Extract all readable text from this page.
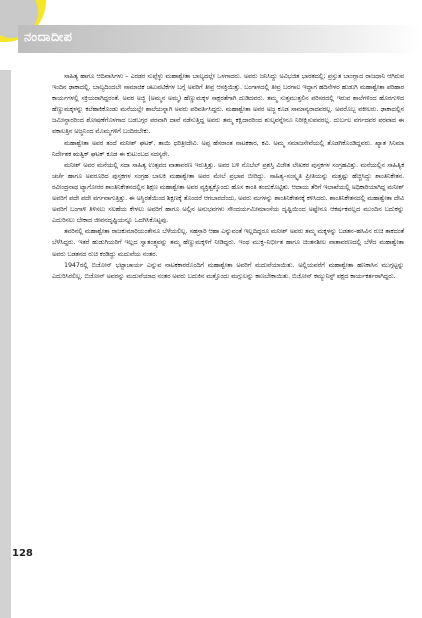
ನಂದಾದೀಪ

ಸಾಹಿತ್ಯ ಹಾಗೂ ಆದಿವಾಸಿಗಳು – ಎರಡರ ಸುಪ್ಪೆಳ್ಳು ಮಹಾಶ್ವೇತಾ ಬಾಲ್ಯದಲ್ಲೇ ಒಳಗಾದರು. ಅವರು ಜನಿಸಿದ್ದು ಅವಿಭಜಿತ ಭಾರತದಲ್ಲಿ; ಪ್ರಸ್ತುತ ಬಾಂಗ್ಲಾದ ರಾಜಧಾನಿ ಆಗಿರುವ ಇಂದಿನ ಢಾಕಾದಲ್ಲಿ. ಬಾಲ್ಯದಿಂದಲೇ ಸಾಮಾಜಿಕ ಚಟುವಟಿಕೆಗಳ ಬಗ್ಗೆ ಅವರಿಗೆ ತೀವ್ರ ಆಸಕ್ತಿಯಿತ್ತು. ಬಂಗಾಳದಲ್ಲಿ ತೀವ್ರ ಬರಗಾಲ ಇದ್ದಾಗ ಹದಿನೇಳರ ಹುಡುಗಿ ಮಹಾಶ್ವೇತಾ ಪರಿಹಾರ ಕಾರ್ಯಗಳಲ್ಲಿ ಸಕ್ರಿಯರಾಗಿದ್ದರಂತೆ. ಅವರ ಅಜ್ಜಿ (ಅಮ್ಮನ ಅಮ್ಮ) ಹೆಣ್ಣುಮಕ್ಕಳ ಸಾಕ್ಷರತೆಗಾಗಿ ದುಡಿದವರು. ತಮ್ಮ ಸುತ್ತಮುತ್ತಲಿನ ಪರಿಸರದಲ್ಲಿ ಇರುವ ಶಾಲೆಗಳಿಂದ ಹೊರಗುಳಿದ ಹೆಣ್ಣುಮಕ್ಕಳನ್ನು ಕಲೆಹಾಕಿಕೊಂಡು ಮನೆಯಲ್ಲೇ ಶಾಲೆಯನ್ನಾಗಿ ಅವರು ಪರಿವರ್ತಿಸಿದ್ದರು. ಮಹಾಶ್ವೇತಾ ಅವರ ಅಜ್ಜ ಕೂಡ ಸಾಮಾನ್ಯರಾದವರಲ್ಲ. ಅವರೊಬ್ಬ ವಕೀಲರು. ಢಾಕಾದಲ್ಲಿನ ಜಮೀನ್ದಾರರಿಂದ ಶೋಷಣೆಗೊಳಗಾದ ಬಡಬಗ್ಗರ ಪರವಾಗಿ ದಾವೆ ನಡೆಸುತ್ತಿದ್ದ ಅವರು ತಮ್ಮ ಕಕ್ಷಿದಾರರಿಂದ ಶುಲ್ಕವನ್ನೇನೂ ನಿರೀಕ್ಷಿಸುವವರಲ್ಲ. ದುರ್ಬಲ ವರ್ಗದವರ ಪರವಾದ ಈ ವಕಾಲತ್ತಿನ ಅಜ್ಜನಿಂದ ಮೊಮ್ಮಗಳಿಗೆ ಬಂದಿರಬೇಕು.

ಮಹಾಶ್ವೇತಾ ಅವರ ತಂದೆ ಮನೀಶ್ ಘಟಕ್. ತಾಯಿ ಧರಿತ್ರೀದೇವಿ. ಅಪ್ಪ ಹೆಸರಾಂತ ನಾಟಕಕಾರ, ಕವಿ. ಅಮ್ಮ ಸಮಾಜಸೇವೆಯಲ್ಲಿ ತೊಡಗಿಕೊಂಡಿದ್ದವರು. ಖ್ಯಾತ ಸಿನಿಮಾ ನಿರ್ದೇಶಕ ಋತ್ವಿಕ್ ಘಟಕ್ ಕೂಡ ಈ ಕುಟುಂಬದ ಸದಸ್ಯರೇ.

ಮನೀಶ್ ಅವರ ಮನೆಯಲ್ಲಿ ಸದಾ ಸಾಹಿತ್ಯ ಉತ್ಸವದ ವಾತಾವರಣ ಇರುತ್ತಿತ್ತು. ಅವರ ಬಳಿ ನೊಬೆಲ್ ಪ್ರಶಸ್ತಿ ವಿಜೇತ ಲೇಖಕರ ಪುಸ್ತಕಗಳ ಸಂಗ್ರಹವಿತ್ತು. ಮನೆಯಲ್ಲಿನ ಸಾಹಿತ್ಯಿಕ ಚರ್ಚೆ ಹಾಗೂ ಅವರೂರಿದ ಪುಸ್ತಕಗಳ ಸಂಗ್ರಹ ಬಾಲಕಿ ಮಹಾಶ್ವೇತಾ ಅವರ ಮೇಲೆ ಪ್ರಭಾವ ಬೀರಿದ್ದು. ಸಾಹಿತ್ಯ–ಸಂಸ್ಕೃತಿ ಪ್ರೀತಿಯನ್ನು ಮತ್ತಷ್ಟು ಹೆಚ್ಚಿಸಿದ್ದು ಶಾಂತಿನಿಕೇತನ. ರವೀಂದ್ರನಾಥ ಟ್ಯಾಗೋರರ ಶಾಂತಿನಿಕೇತನದಲ್ಲಿನ ಶಿಕ್ಷಣ ಮಹಾಶ್ವೇತಾ ಅವರ ವ್ಯಕ್ತಿತ್ವಕ್ಕೊಂದು ಹೊಸ ಕಾಂತಿ ತಂದುಕೊಟ್ಟಿತು. ಆದಾಯ ತೆರಿಗೆ ಇಲಾಖೆಯಲ್ಲಿ ಅಧಿಕಾರಿಯಾಗಿದ್ದ ಮನೀಶ್ ಅವರಿಗೆ ಪದೇ ಪದೇ ವರ್ಗವಾಗುತ್ತಿತ್ತು. ಈ ಅಸ್ಥಿರತೆಯಿಂದ ಶಿಕ್ಷಣಕ್ಕೆ ತೊಂದರೆ ಆಗಬಾರದೆಂದು, ಅವರು ಮಗಳನ್ನು ಶಾಂತಿನಿಕೇತನಕ್ಕೆ ಕಳಿಸಿದರು. ಶಾಂತಿನಿಕೇತನದಲ್ಲಿ ಮಹಾಶ್ವೇತಾ ದೇವಿ ಅವರಿಗೆ ಬಂಗಾಳಿ ತಿಳಿಸಲು ಸಲಹೆಯ ಕೇಳಲು ಅವರಿಗೆ ಹಾಗೂ ಅಲ್ಲಿನ ಅನುಭವಗಳು ಸೌಂದರ್ಯಮೀಮಾಂಸೆಯ ದೃಷ್ಟಿಯಿಂದ ಅಷ್ಟೇನೂ ಆಕರ್ಷಕವಲ್ಲದ ಮುಂದಿನ ಬದುಕನ್ನು ಎದುರಿಸಲು ಬೇಕಾದ ಜೀವನದೃಷ್ಟಿಯನ್ನೂ ಒದಗಿಸಿಕೊಟ್ಟವು.

ತವರಿನಲ್ಲಿ ಮಹಾಶ್ವೇತಾ ರಾಜಕುಮಾರಿಯಂತೇನೂ ಬೆಳೆಯಲಿಲ್ಲ. ಸಹಸ್ರಾರಿ ಆಹಾ ಎನ್ನುವಂತೆ ಇಲ್ಲದಿದ್ದರೂ ಮನೀಶ್ ಅವರು ತಮ್ಮ ಮಕ್ಕಳನ್ನು ಬಡತನ–ಹಸಿವಿನ ರುಚಿ ತಾಕದಂತೆ ಬೆಳೆಸಿದ್ದರು. ಇತರೆ ಹುಡುಗಿಯರಿಗೆ ಇಲ್ಲದ ಸ್ವಾತಂತ್ರ್ಯವನ್ನು ತಮ್ಮ ಹೆಣ್ಣುಮಕ್ಕಳಿಗೆ ನೀಡಿದ್ದರು. ಇಂಥ ಮುಕ್ತ–ನಿರ್ಭೀತ ಹಾಗೂ ಚಿಂತನಶೀಲ ವಾತಾವರಣದಲ್ಲಿ ಬೆಳೆದ ಮಹಾಶ್ವೇತಾ ಅವರು ಬಡತನದ ರುಚಿ ಕಂಡಿದ್ದು ಮದುವೆಯ ನಂತರ.

1947ರಲ್ಲಿ ಬಿಜೋನ್ ಭಟ್ಟಾಚಾರ್ಯ ಎನ್ನುವ ನಾಟಕಕಾರರೊಂದಿಗೆ ಮಹಾಶ್ವೇತಾ ಅವರಿಗೆ ಮದುವೆಯಾಯಿತು. ಅಲ್ಲಿಯವರೆಗೆ ಮಹಾಶ್ವೇತಾ ಹಣಕಾಸಿನ ಮುಗ್ಗಟ್ಟನ್ನು ಎದುರಿಸಿರಲಿಲ್ಲ. ಬಿಜೋನ್ ಅವರನ್ನು ಮದುವೆಯಾದ ನಂತರ ಅವರು ಬದುಕಿನ ಮತ್ತೊಂದು ಮಗ್ಗುಲನ್ನು ಕಾಣಬೇಕಾಯಿತು. ಬಿಜೋನ್ ಕಮ್ಯುನಿಸ್ಟ್ ಪಕ್ಷದ ಕಾರ್ಯಕರ್ತರಾಗಿದ್ದರು.

128
